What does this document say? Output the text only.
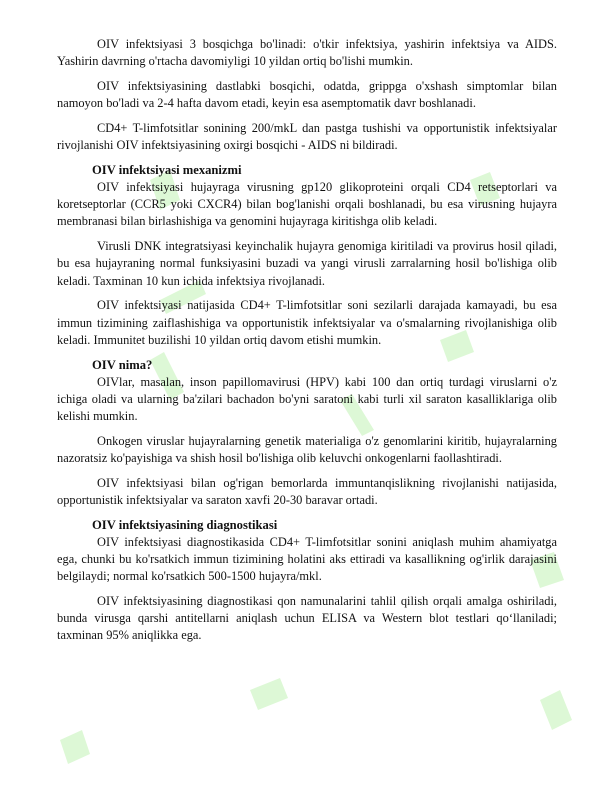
OIV infektsiyasi 3 bosqichga bo'linadi: o'tkir infektsiya, yashirin infektsiya va AIDS. Yashirin davrning o'rtacha davomiyligi 10 yildan ortiq bo'lishi mumkin.

OIV infektsiyasining dastlabki bosqichi, odatda, grippga o'xshash simptomlar bilan namoyon bo'ladi va 2-4 hafta davom etadi, keyin esa asemptomatik davr boshlanadi.

CD4+ T-limfotsitlar sonining 200/mkL dan pastga tushishi va opportunistik infektsiyalar rivojlanishi OIV infektsiyasining oxirgi bosqichi - AIDS ni bildiradi.

OIV infektsiyasi mexanizmi

OIV infektsiyasi hujayraga virusning gp120 glikoproteini orqali CD4 retseptorlari va koretseptorlar (CCR5 yoki CXCR4) bilan bog'lanishi orqali boshlanadi, bu esa virusning hujayra membranasi bilan birlashishiga va genomini hujayraga kiritishga olib keladi.

Virusli DNK integratsiyasi keyinchalik hujayra genomiga kiritiladi va provirus hosil qiladi, bu esa hujayraning normal funksiyasini buzadi va yangi virusli zarralarning hosil bo'lishiga olib keladi. Taxminan 10 kun ichida infektsiya rivojlanadi.

OIV infektsiyasi natijasida CD4+ T-limfotsitlar soni sezilarli darajada kamayadi, bu esa immun tizimining zaiflashishiga va opportunistik infektsiyalar va o'smalarning rivojlanishiga olib keladi. Immunitet buzilishi 10 yildan ortiq davom etishi mumkin.

OIV nima?

OIVlar, masalan, inson papillomavirusi (HPV) kabi 100 dan ortiq turdagi viruslarni o'z ichiga oladi va ularning ba'zilari bachadon bo'yni saratoni kabi turli xil saraton kasalliklariga olib kelishi mumkin.

Onkogen viruslar hujayralarning genetik materialiga o'z genomlarini kiritib, hujayralarning nazoratsiz ko'payishiga va shish hosil bo'lishiga olib keluvchi onkogenlarni faollashtiradi.

OIV infektsiyasi bilan og'rigan bemorlarda immuntanqislikning rivojlanishi natijasida, opportunistik infektsiyalar va saraton xavfi 20-30 baravar ortadi.

OIV infektsiyasining diagnostikasi

OIV infektsiyasi diagnostikasida CD4+ T-limfotsitlar sonini aniqlash muhim ahamiyatga ega, chunki bu ko'rsatkich immun tizimining holatini aks ettiradi va kasallikning og'irlik darajasini belgilaydi; normal ko'rsatkich 500-1500 hujayra/mkl.

OIV infektsiyasining diagnostikasi qon namunalarini tahlil qilish orqali amalga oshiriladi, bunda virusga qarshi antitellarni aniqlash uchun ELISA va Western blot testlari qo‘llaniladi; taxminan 95% aniqlikka ega.
